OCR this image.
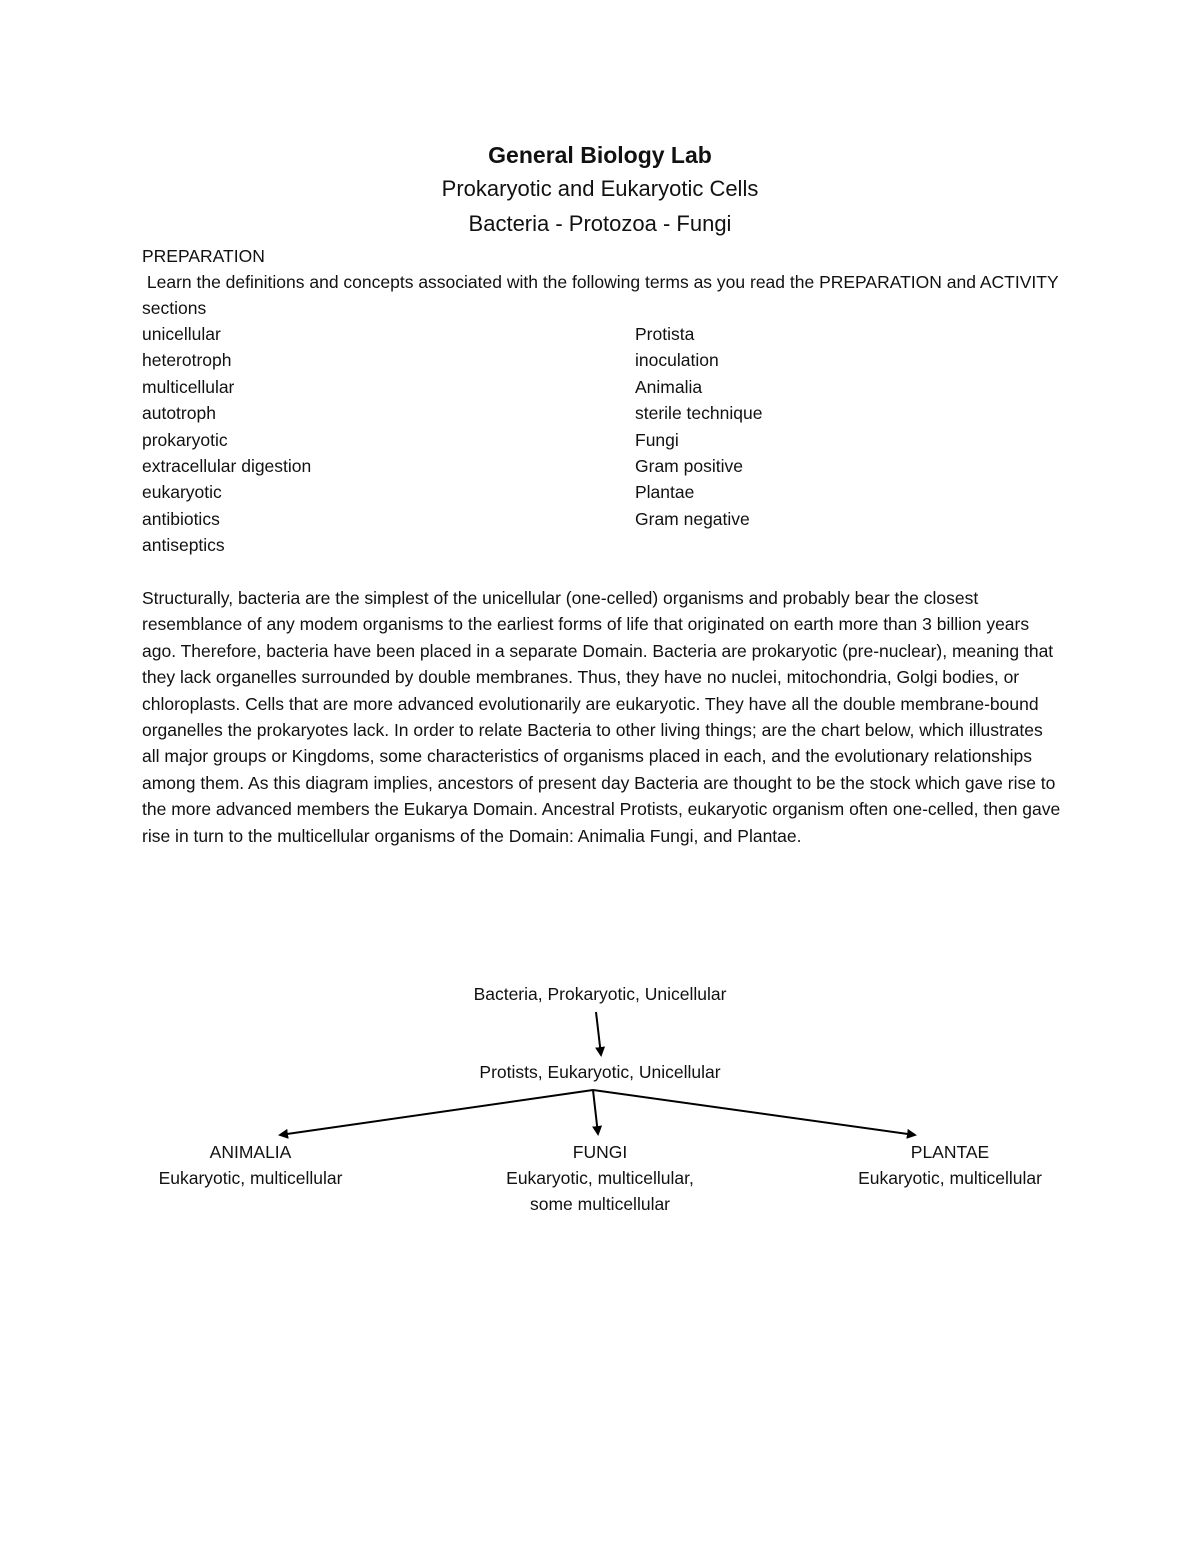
General Biology Lab
Prokaryotic and Eukaryotic Cells
Bacteria - Protozoa - Fungi
PREPARATION
Learn the definitions and concepts associated with the following terms as you read the PREPARATION and ACTIVITY sections
unicellular	Protista
heterotroph	inoculation
multicellular	Animalia
autotroph	sterile technique
prokaryotic	Fungi
extracellular digestion	Gram positive
eukaryotic	Plantae
antibiotics	Gram negative
antiseptics
Structurally, bacteria are the simplest of the unicellular (one-celled) organisms and probably bear the closest resemblance of any modem organisms to the earliest forms of life that originated on earth more than 3 billion years ago. Therefore, bacteria have been placed in a separate Domain. Bacteria are prokaryotic (pre-nuclear), meaning that they lack organelles surrounded by double membranes. Thus, they have no nuclei, mitochondria, Golgi bodies, or chloroplasts. Cells that are more advanced evolutionarily are eukaryotic. They have all the double membrane-bound organelles the prokaryotes lack. In order to relate Bacteria to other living things; are the chart below, which illustrates all major groups or Kingdoms, some characteristics of organisms placed in each, and the evolutionary relationships among them. As this diagram implies, ancestors of present day Bacteria are thought to be the stock which gave rise to the more advanced members the Eukarya Domain. Ancestral Protists, eukaryotic organism often one-celled, then gave rise in turn to the multicellular organisms of the Domain: Animalia Fungi, and Plantae.
Bacteria, Prokaryotic, Unicellular
Protists, Eukaryotic, Unicellular
ANIMALIA
Eukaryotic, multicellular
FUNGI
Eukaryotic, multicellular,
some multicellular
PLANTAE
Eukaryotic, multicellular
